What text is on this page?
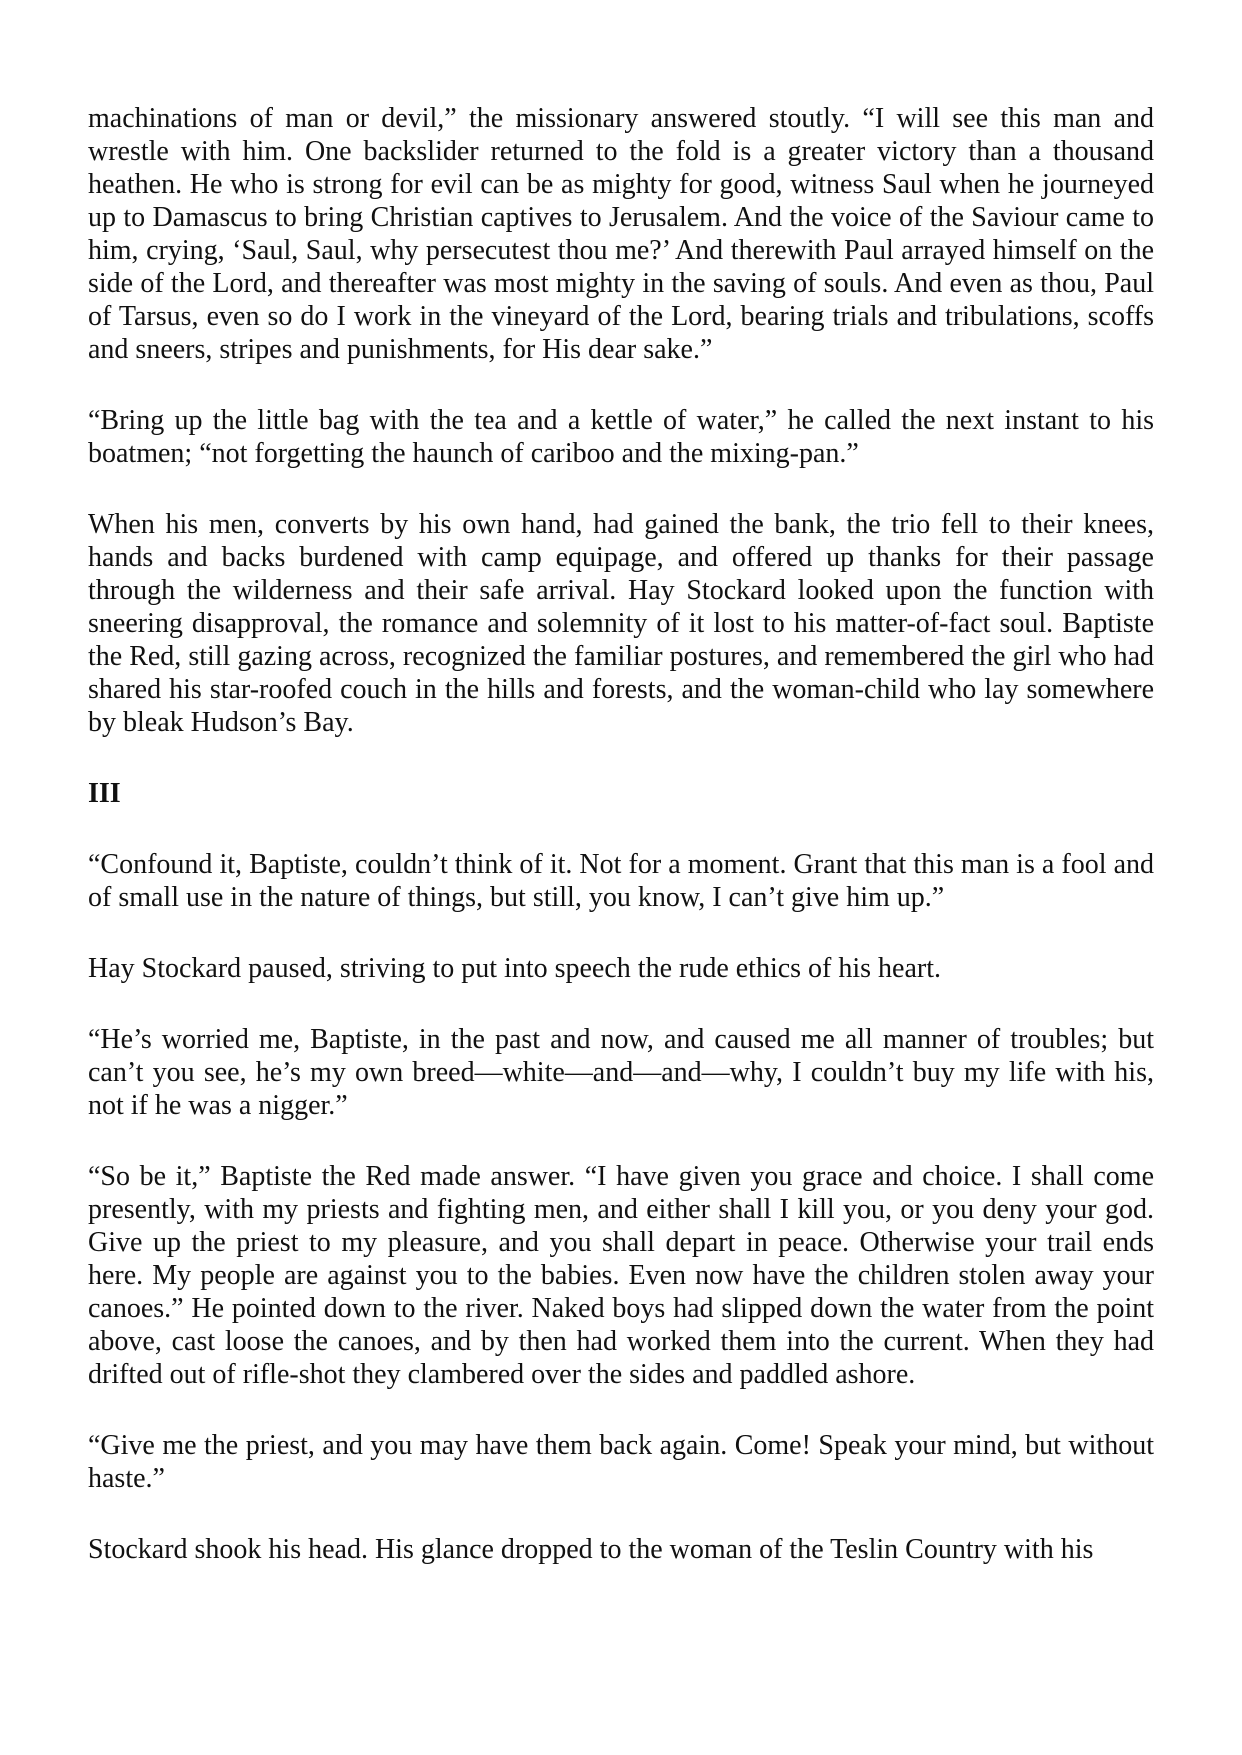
machinations of man or devil,” the missionary answered stoutly. “I will see this man and wrestle with him. One backslider returned to the fold is a greater victory than a thousand heathen. He who is strong for evil can be as mighty for good, witness Saul when he journeyed up to Damascus to bring Christian captives to Jerusalem. And the voice of the Saviour came to him, crying, ‘Saul, Saul, why persecutest thou me?’ And therewith Paul arrayed himself on the side of the Lord, and thereafter was most mighty in the saving of souls. And even as thou, Paul of Tarsus, even so do I work in the vineyard of the Lord, bearing trials and tribulations, scoffs and sneers, stripes and punishments, for His dear sake.”

“Bring up the little bag with the tea and a kettle of water,” he called the next instant to his boatmen; “not forgetting the haunch of cariboo and the mixing-pan.”

When his men, converts by his own hand, had gained the bank, the trio fell to their knees, hands and backs burdened with camp equipage, and offered up thanks for their passage through the wilderness and their safe arrival. Hay Stockard looked upon the function with sneering disapproval, the romance and solemnity of it lost to his matter-of-fact soul. Baptiste the Red, still gazing across, recognized the familiar postures, and remembered the girl who had shared his star-roofed couch in the hills and forests, and the woman-child who lay somewhere by bleak Hudson’s Bay.

III

“Confound it, Baptiste, couldn’t think of it. Not for a moment. Grant that this man is a fool and of small use in the nature of things, but still, you know, I can’t give him up.”

Hay Stockard paused, striving to put into speech the rude ethics of his heart.

“He’s worried me, Baptiste, in the past and now, and caused me all manner of troubles; but can’t you see, he’s my own breed—white—and—and—why, I couldn’t buy my life with his, not if he was a nigger.”

“So be it,” Baptiste the Red made answer. “I have given you grace and choice. I shall come presently, with my priests and fighting men, and either shall I kill you, or you deny your god. Give up the priest to my pleasure, and you shall depart in peace. Otherwise your trail ends here. My people are against you to the babies. Even now have the children stolen away your canoes.” He pointed down to the river. Naked boys had slipped down the water from the point above, cast loose the canoes, and by then had worked them into the current. When they had drifted out of rifle-shot they clambered over the sides and paddled ashore.

“Give me the priest, and you may have them back again. Come! Speak your mind, but without haste.”

Stockard shook his head. His glance dropped to the woman of the Teslin Country with his
